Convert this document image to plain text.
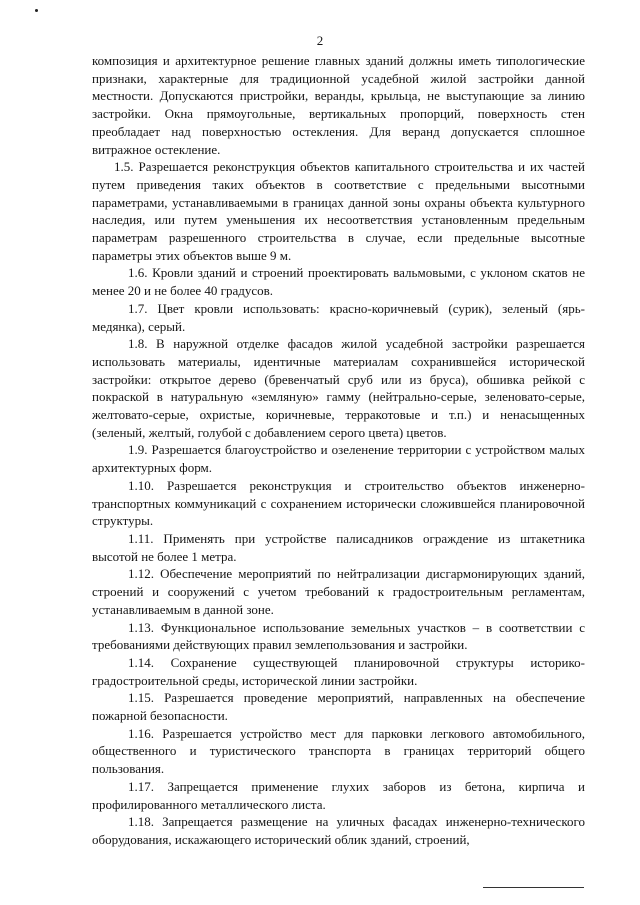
2

композиция и архитектурное решение главных зданий должны иметь типологические признаки, характерные для традиционной усадебной жилой застройки данной местности. Допускаются пристройки, веранды, крыльца, не выступающие за линию застройки. Окна прямоугольные, вертикальных пропорций, поверхность стен преобладает над поверхностью остекления. Для веранд допускается сплошное витражное остекление.

1.5. Разрешается реконструкция объектов капитального строительства и их частей путем приведения таких объектов в соответствие с предельными высотными параметрами, устанавливаемыми в границах данной зоны охраны объекта культурного наследия, или путем уменьшения их несоответствия установленным предельным параметрам разрешенного строительства в случае, если предельные высотные параметры этих объектов выше 9 м.

1.6. Кровли зданий и строений проектировать вальмовыми, с уклоном скатов не менее 20 и не более 40 градусов.

1.7. Цвет кровли использовать: красно-коричневый (сурик), зеленый (ярь-медянка), серый.

1.8. В наружной отделке фасадов жилой усадебной застройки разрешается использовать материалы, идентичные материалам сохранившейся исторической застройки: открытое дерево (бревенчатый сруб или из бруса), обшивка рейкой с покраской в натуральную «земляную» гамму (нейтрально-серые, зеленовато-серые, желтовато-серые, охристые, коричневые, терракотовые и т.п.) и ненасыщенных (зеленый, желтый, голубой с добавлением серого цвета) цветов.

1.9. Разрешается благоустройство и озеленение территории с устройством малых архитектурных форм.

1.10. Разрешается реконструкция и строительство объектов инженерно-транспортных коммуникаций с сохранением исторически сложившейся планировочной структуры.

1.11. Применять при устройстве палисадников ограждение из штакетника высотой не более 1 метра.

1.12. Обеспечение мероприятий по нейтрализации дисгармонирующих зданий, строений и сооружений с учетом требований к градостроительным регламентам, устанавливаемым в данной зоне.

1.13. Функциональное использование земельных участков – в соответствии с требованиями действующих правил землепользования и застройки.

1.14. Сохранение существующей планировочной структуры историко-градостроительной среды, исторической линии застройки.

1.15. Разрешается проведение мероприятий, направленных на обеспечение пожарной безопасности.

1.16. Разрешается устройство мест для парковки легкового автомобильного, общественного и туристического транспорта в границах территорий общего пользования.

1.17. Запрещается применение глухих заборов из бетона, кирпича и профилированного металлического листа.

1.18. Запрещается размещение на уличных фасадах инженерно-технического оборудования, искажающего исторический облик зданий, строений,
